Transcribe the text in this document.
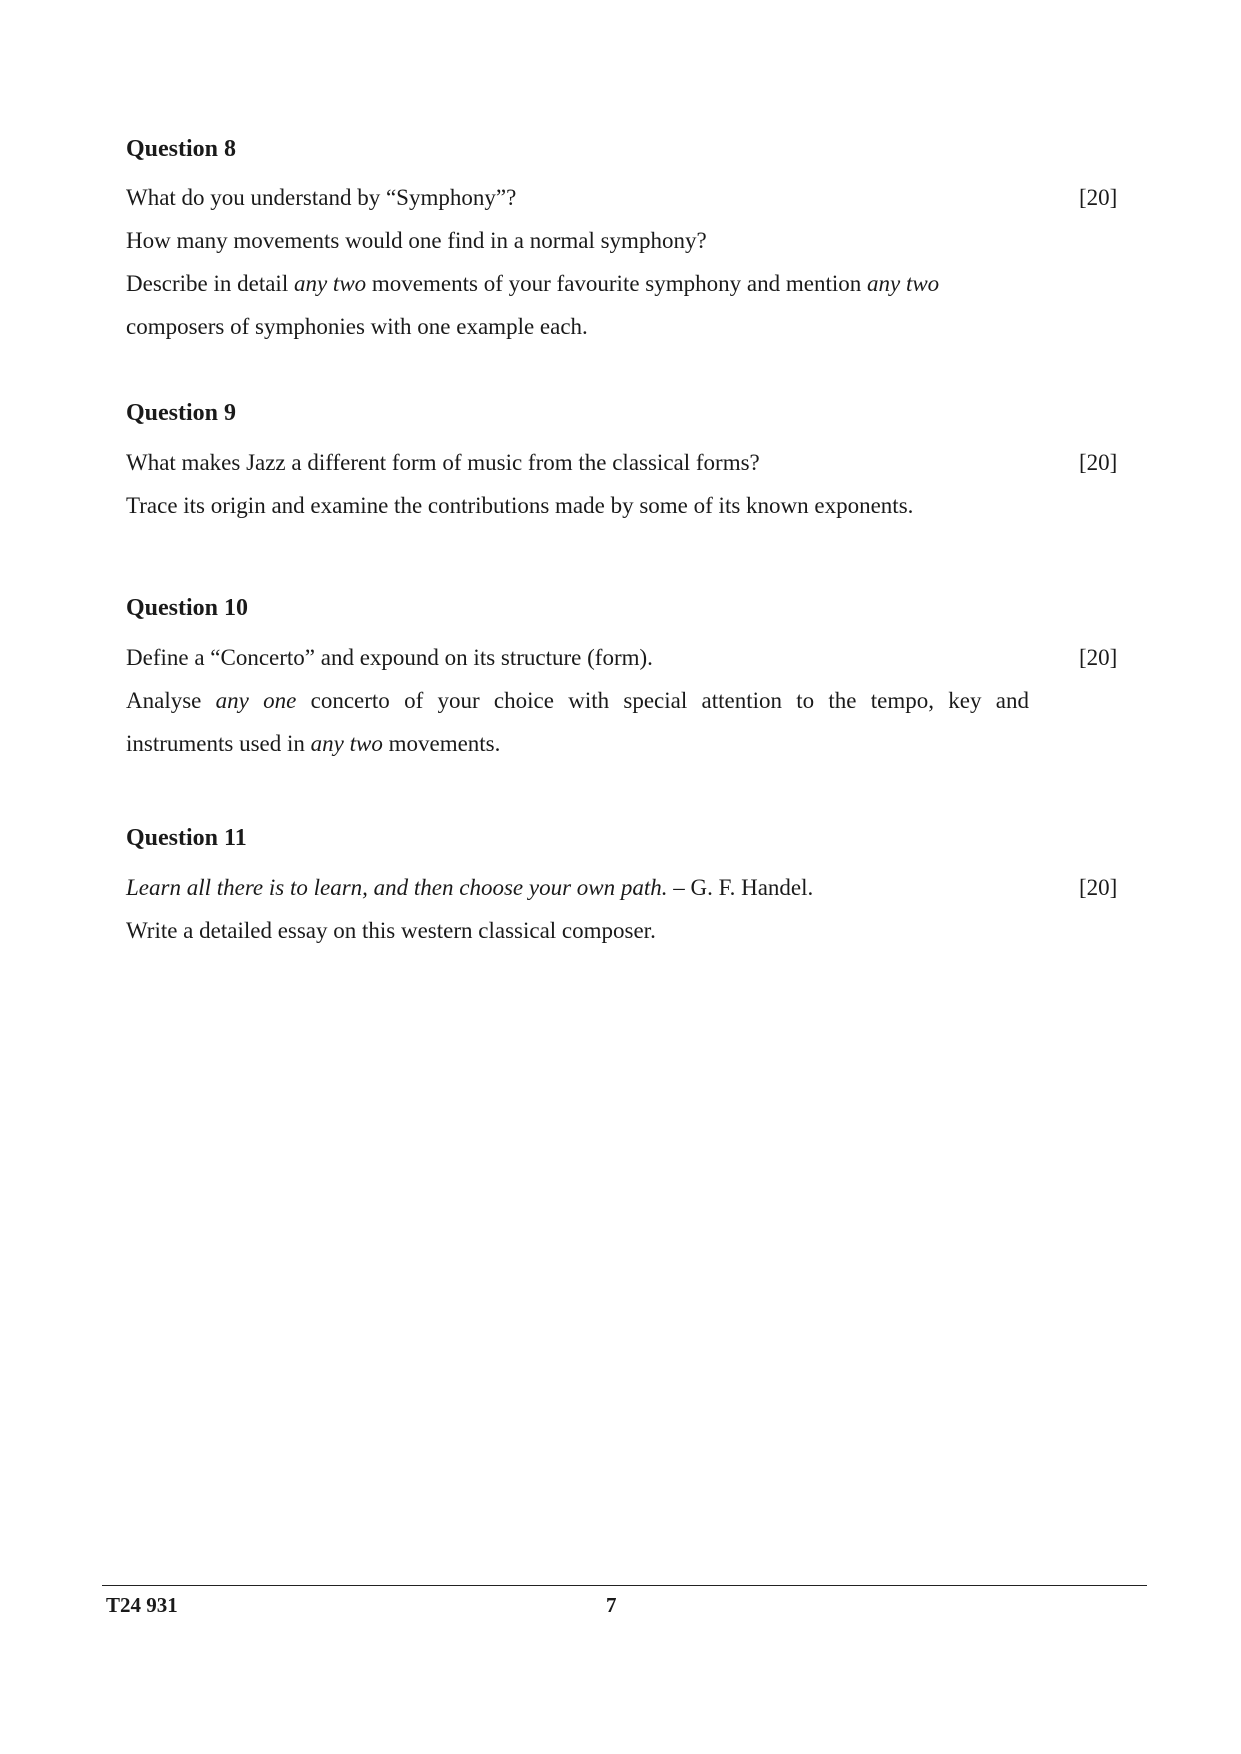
Question 8
What do you understand by “Symphony”?	[20]
How many movements would one find in a normal symphony?
Describe in detail any two movements of your favourite symphony and mention any two
composers of symphonies with one example each.
Question 9
What makes Jazz a different form of music from the classical forms?	[20]
Trace its origin and examine the contributions made by some of its known exponents.
Question 10
Define a “Concerto” and expound on its structure (form).	[20]
Analyse any one concerto of your choice with special attention to the tempo, key and
instruments used in any two movements.
Question 11
Learn all there is to learn, and then choose your own path. – G. F. Handel.	[20]
Write a detailed essay on this western classical composer.
T24 931	7
